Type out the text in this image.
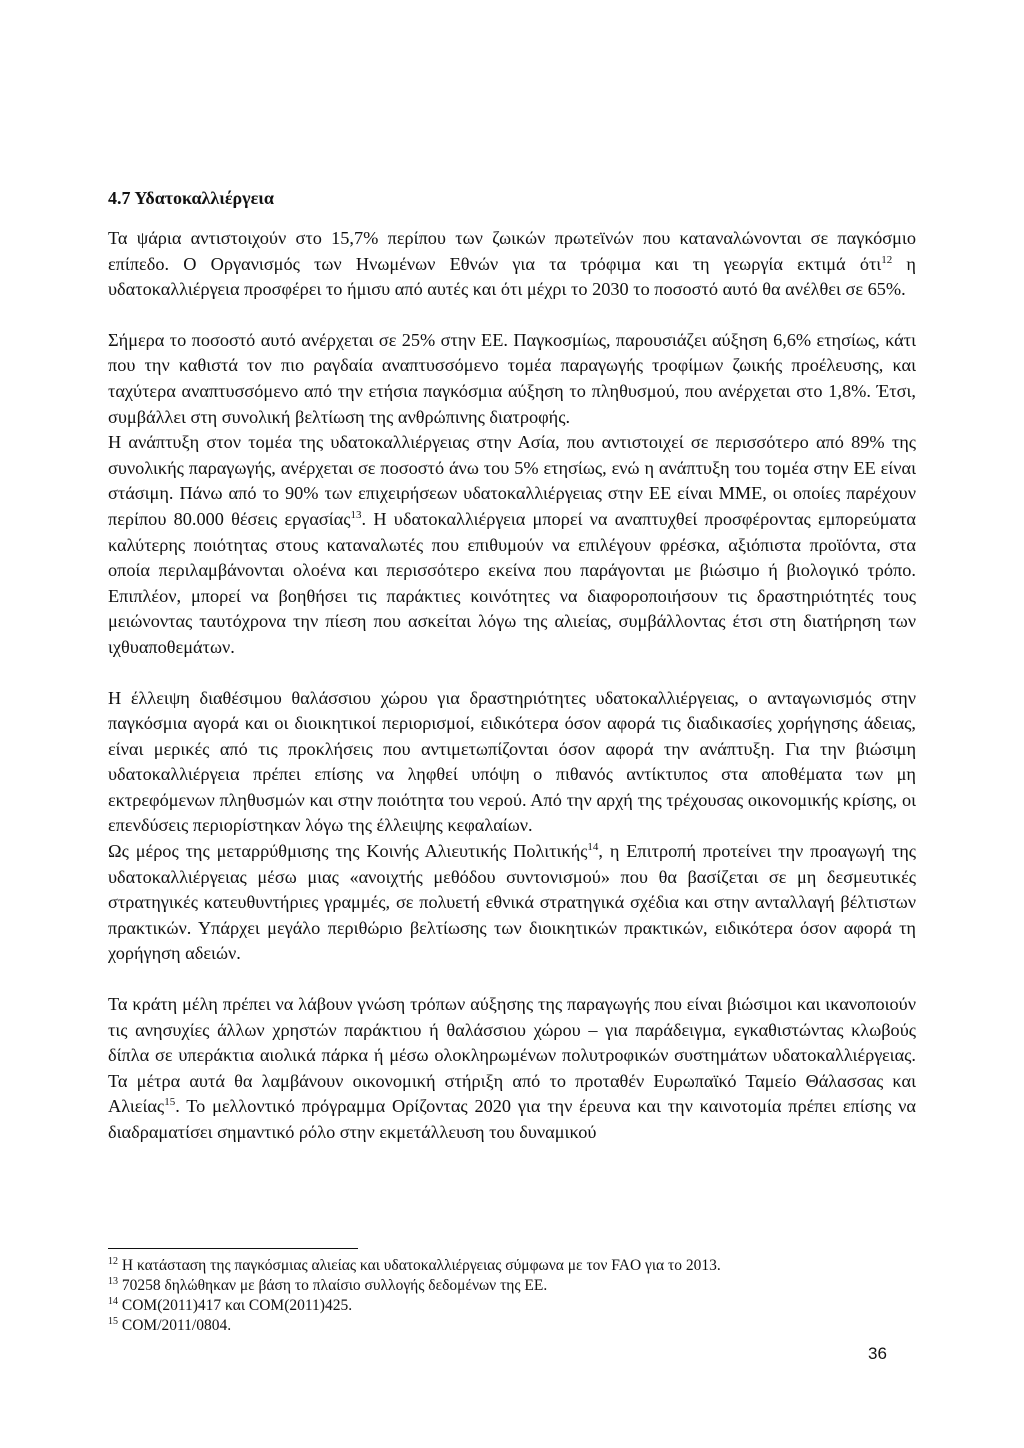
4.7 Υδατοκαλλιέργεια

Τα ψάρια αντιστοιχούν στο 15,7% περίπου των ζωικών πρωτεϊνών που καταναλώνονται σε παγκόσμιο επίπεδο. Ο Οργανισμός των Ηνωμένων Εθνών για τα τρόφιμα και τη γεωργία εκτιμά ότι$^{12}$ η υδατοκαλλιέργεια προσφέρει το ήμισυ από αυτές και ότι μέχρι το 2030 το ποσοστό αυτό θα ανέλθει σε 65%.

Σήμερα το ποσοστό αυτό ανέρχεται σε 25% στην ΕΕ. Παγκοσμίως, παρουσιάζει αύξηση 6,6% ετησίως, κάτι που την καθιστά τον πιο ραγδαία αναπτυσσόμενο τομέα παραγωγής τροφίμων ζωικής προέλευσης, και ταχύτερα αναπτυσσόμενο από την ετήσια παγκόσμια αύξηση το πληθυσμού, που ανέρχεται στο 1,8%. Έτσι, συμβάλλει στη συνολική βελτίωση της ανθρώπινης διατροφής.

Η ανάπτυξη στον τομέα της υδατοκαλλιέργειας στην Ασία, που αντιστοιχεί σε περισσότερο από 89% της συνολικής παραγωγής, ανέρχεται σε ποσοστό άνω του 5% ετησίως, ενώ η ανάπτυξη του τομέα στην ΕΕ είναι στάσιμη. Πάνω από το 90% των επιχειρήσεων υδατοκαλλιέργειας στην ΕΕ είναι ΜΜΕ, οι οποίες παρέχουν περίπου 80.000 θέσεις εργασίας$^{13}$. Η υδατοκαλλιέργεια μπορεί να αναπτυχθεί προσφέροντας εμπορεύματα καλύτερης ποιότητας στους καταναλωτές που επιθυμούν να επιλέγουν φρέσκα, αξιόπιστα προϊόντα, στα οποία περιλαμβάνονται ολοένα και περισσότερο εκείνα που παράγονται με βιώσιμο ή βιολογικό τρόπο. Επιπλέον, μπορεί να βοηθήσει τις παράκτιες κοινότητες να διαφοροποιήσουν τις δραστηριότητές τους μειώνοντας ταυτόχρονα την πίεση που ασκείται λόγω της αλιείας, συμβάλλοντας έτσι στη διατήρηση των ιχθυαποθεμάτων.

Η έλλειψη διαθέσιμου θαλάσσιου χώρου για δραστηριότητες υδατοκαλλιέργειας, ο ανταγωνισμός στην παγκόσμια αγορά και οι διοικητικοί περιορισμοί, ειδικότερα όσον αφορά τις διαδικασίες χορήγησης άδειας, είναι μερικές από τις προκλήσεις που αντιμετωπίζονται όσον αφορά την ανάπτυξη. Για την βιώσιμη υδατοκαλλιέργεια πρέπει επίσης να ληφθεί υπόψη ο πιθανός αντίκτυπος στα αποθέματα των μη εκτρεφόμενων πληθυσμών και στην ποιότητα του νερού. Από την αρχή της τρέχουσας οικονομικής κρίσης, οι επενδύσεις περιορίστηκαν λόγω της έλλειψης κεφαλαίων.

Ως μέρος της μεταρρύθμισης της Κοινής Αλιευτικής Πολιτικής$^{14}$, η Επιτροπή προτείνει την προαγωγή της υδατοκαλλιέργειας μέσω μιας «ανοιχτής μεθόδου συντονισμού» που θα βασίζεται σε μη δεσμευτικές στρατηγικές κατευθυντήριες γραμμές, σε πολυετή εθνικά στρατηγικά σχέδια και στην ανταλλαγή βέλτιστων πρακτικών. Υπάρχει μεγάλο περιθώριο βελτίωσης των διοικητικών πρακτικών, ειδικότερα όσον αφορά τη χορήγηση αδειών.

Τα κράτη μέλη πρέπει να λάβουν γνώση τρόπων αύξησης της παραγωγής που είναι βιώσιμοι και ικανοποιούν τις ανησυχίες άλλων χρηστών παράκτιου ή θαλάσσιου χώρου – για παράδειγμα, εγκαθιστώντας κλωβούς δίπλα σε υπεράκτια αιολικά πάρκα ή μέσω ολοκληρωμένων πολυτροφικών συστημάτων υδατοκαλλιέργειας. Τα μέτρα αυτά θα λαμβάνουν οικονομική στήριξη από το προταθέν Ευρωπαϊκό Ταμείο Θάλασσας και Αλιείας$^{15}$. Το μελλοντικό πρόγραμμα Ορίζοντας 2020 για την έρευνα και την καινοτομία πρέπει επίσης να διαδραματίσει σημαντικό ρόλο στην εκμετάλλευση του δυναμικού

$^{12}$ Η κατάσταση της παγκόσμιας αλιείας και υδατοκαλλιέργειας σύμφωνα με τον FAO για το 2013.
$^{13}$ 70258 δηλώθηκαν με βάση το πλαίσιο συλλογής δεδομένων της ΕΕ.
$^{14}$ COM(2011)417 και COM(2011)425.
$^{15}$ COM/2011/0804.
36
